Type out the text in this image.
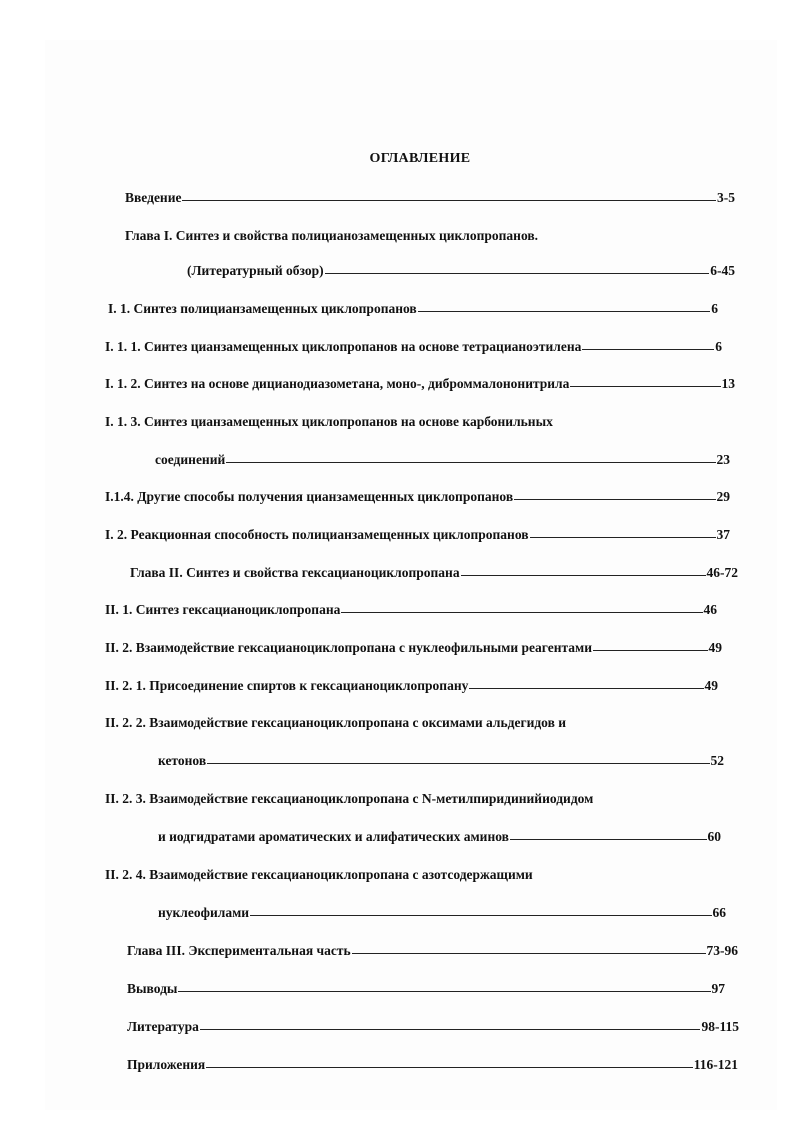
ОГЛАВЛЕНИЕ
Введение	3-5
Глава I. Синтез и свойства полицианозамещенных циклопропанов.
(Литературный обзор)	6-45
I. 1. Синтез полицианзамещенных циклопропанов	6
I. 1. 1. Синтез цианзамещенных циклопропанов на основе тетрацианоэтилена	6
I. 1. 2. Синтез на основе дицианодиазометана, моно-, диброммалононитрила	13
I. 1. 3. Синтез цианзамещенных циклопропанов на основе карбонильных
соединений	23
I.1.4. Другие способы получения цианзамещенных циклопропанов	29
I. 2. Реакционная способность полицианзамещенных циклопропанов	37
Глава II. Синтез и свойства гексацианоциклопропана	46-72
II. 1. Синтез гексацианоциклопропана	46
II. 2. Взаимодействие гексацианоциклопропана с нуклеофильными реагентами	49
II. 2. 1. Присоединение спиртов к гексацианоциклопропану	49
II. 2. 2. Взаимодействие гексацианоциклопропана с оксимами альдегидов и
кетонов	52
II. 2. 3. Взаимодействие гексацианоциклопропана с N-метилпиридинийиодидом
и иодгидратами ароматических и алифатических аминов	60
II. 2. 4. Взаимодействие гексацианоциклопропана с азотсодержащими
нуклеофилами	66
Глава III. Экспериментальная часть	73-96
Выводы	97
Литература	98-115
Приложения	116-121
